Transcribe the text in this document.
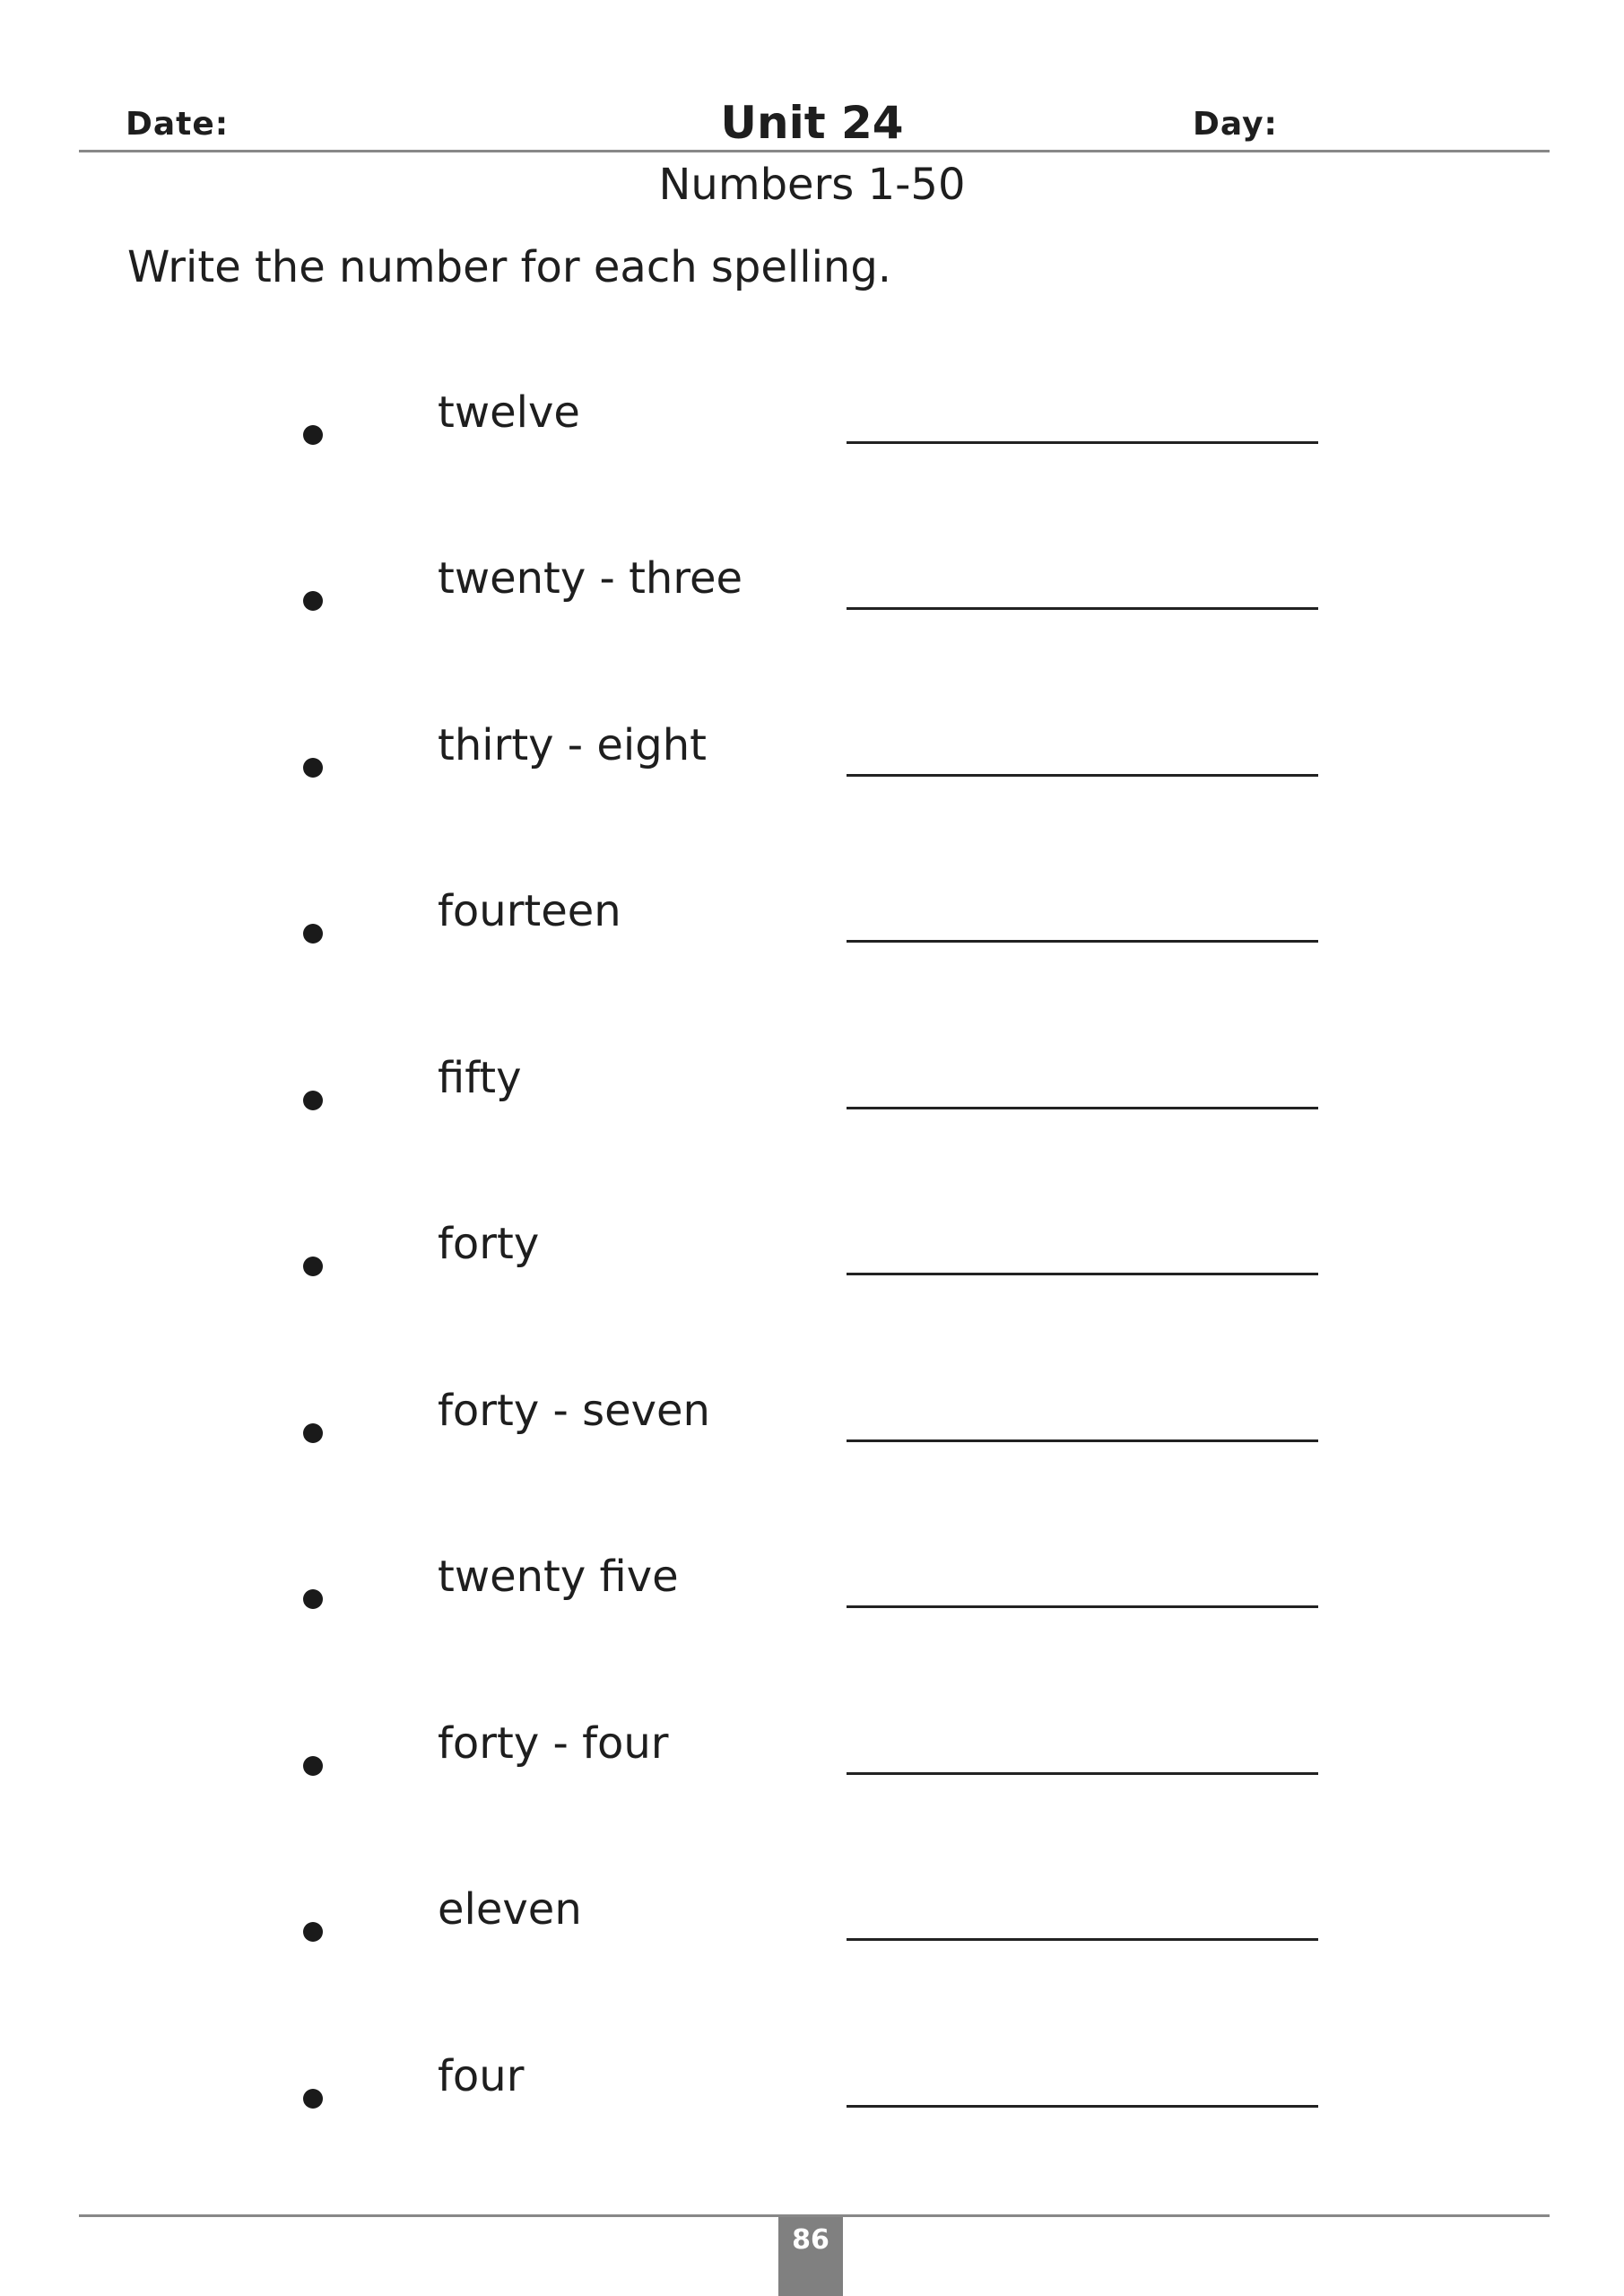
Date:	Unit 24	Day:
Numbers 1-50
Write the number for each spelling.
twelve
twenty - three
thirty - eight
fourteen
fifty
forty
forty - seven
twenty five
forty - four
eleven
four
86
